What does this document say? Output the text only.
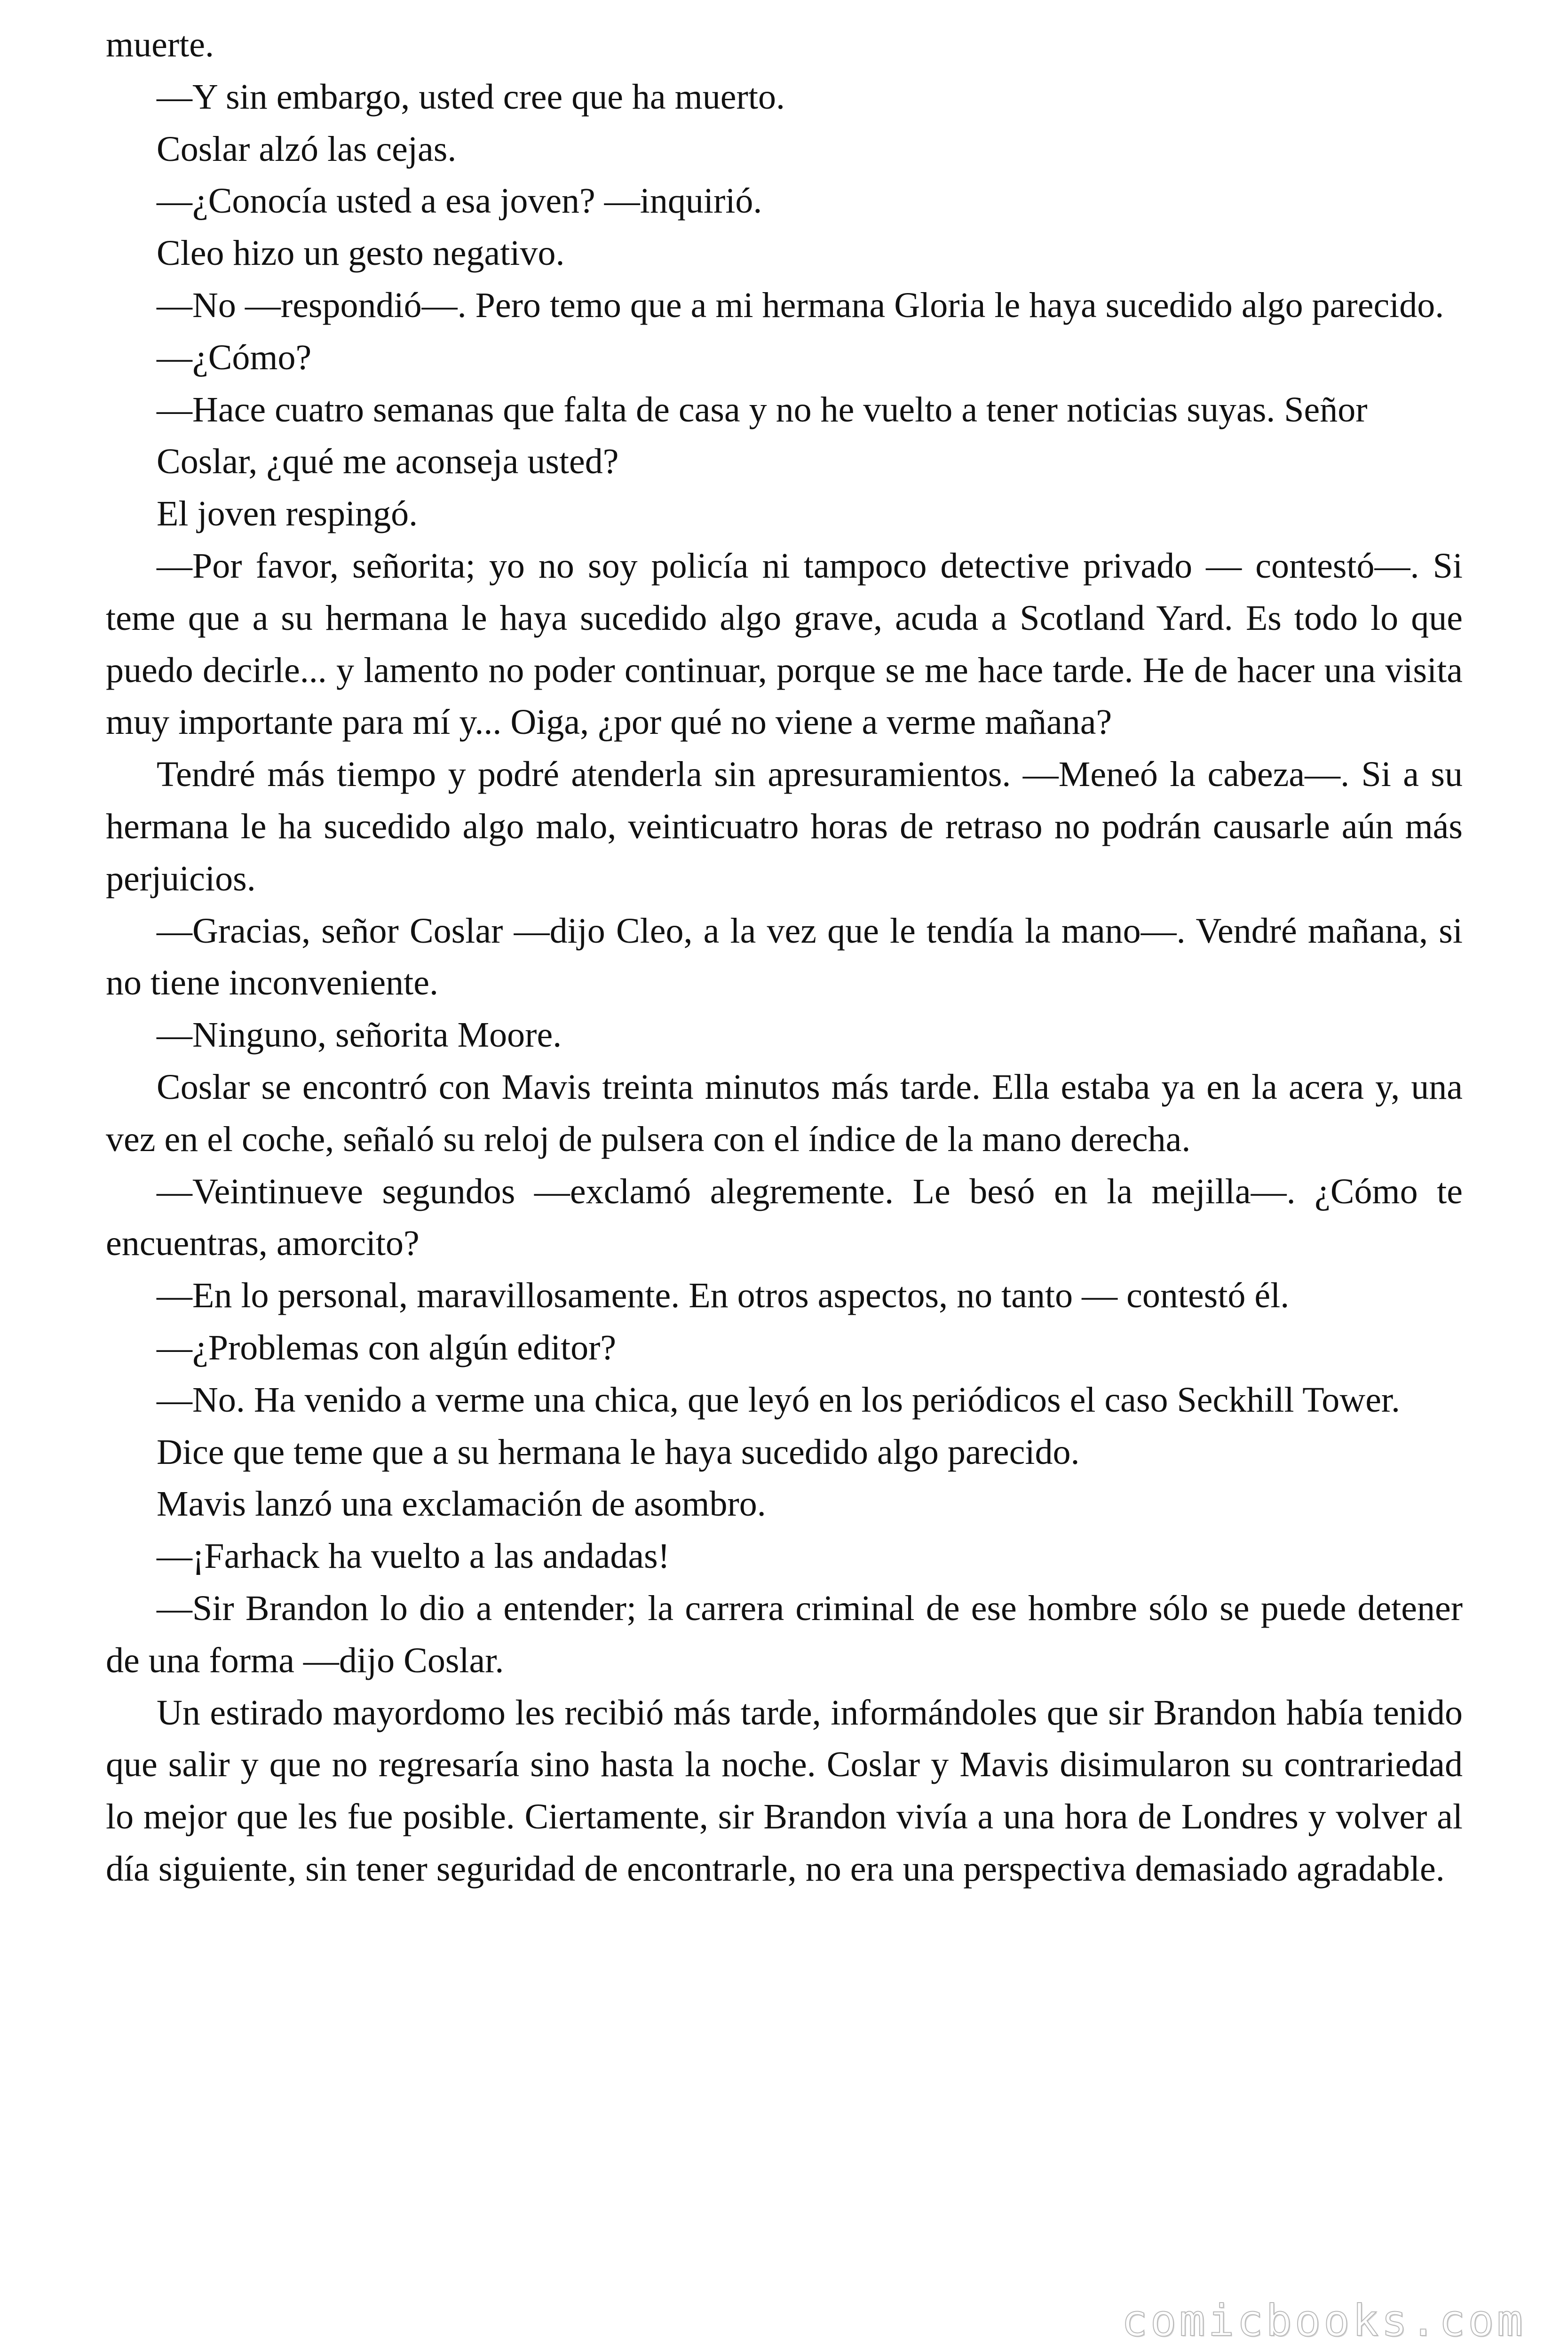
muerte.

—Y sin embargo, usted cree que ha muerto.

Coslar alzó las cejas.

—¿Conocía usted a esa joven? —inquirió.

Cleo hizo un gesto negativo.

—No —respondió—. Pero temo que a mi hermana Gloria le haya sucedido algo parecido.

—¿Cómo?

—Hace cuatro semanas que falta de casa y no he vuelto a tener noticias suyas. Señor

Coslar, ¿qué me aconseja usted?

El joven respingó.

—Por favor, señorita; yo no soy policía ni tampoco detective privado — contestó—. Si teme que a su hermana le haya sucedido algo grave, acuda a Scotland Yard. Es todo lo que puedo decirle... y lamento no poder continuar, porque se me hace tarde. He de hacer una visita muy importante para mí y... Oiga, ¿por qué no viene a verme mañana?

Tendré más tiempo y podré atenderla sin apresuramientos. —Meneó la cabeza—. Si a su hermana le ha sucedido algo malo, veinticuatro horas de retraso no podrán causarle aún más perjuicios.

—Gracias, señor Coslar —dijo Cleo, a la vez que le tendía la mano—. Vendré mañana, si no tiene inconveniente.

—Ninguno, señorita Moore.

Coslar se encontró con Mavis treinta minutos más tarde. Ella estaba ya en la acera y, una vez en el coche, señaló su reloj de pulsera con el índice de la mano derecha.

—Veintinueve segundos —exclamó alegremente. Le besó en la mejilla—. ¿Cómo te encuentras, amorcito?

—En lo personal, maravillosamente. En otros aspectos, no tanto — contestó él.

—¿Problemas con algún editor?

—No. Ha venido a verme una chica, que leyó en los periódicos el caso Seckhill Tower.

Dice que teme que a su hermana le haya sucedido algo parecido.

Mavis lanzó una exclamación de asombro.

—¡Farhack ha vuelto a las andadas!

—Sir Brandon lo dio a entender; la carrera criminal de ese hombre sólo se puede detener de una forma —dijo Coslar.

Un estirado mayordomo les recibió más tarde, informándoles que sir Brandon había tenido que salir y que no regresaría sino hasta la noche. Coslar y Mavis disimularon su contrariedad lo mejor que les fue posible. Ciertamente, sir Brandon vivía a una hora de Londres y volver al día siguiente, sin tener seguridad de encontrarle, no era una perspectiva demasiado agradable.

comicbooks.com
